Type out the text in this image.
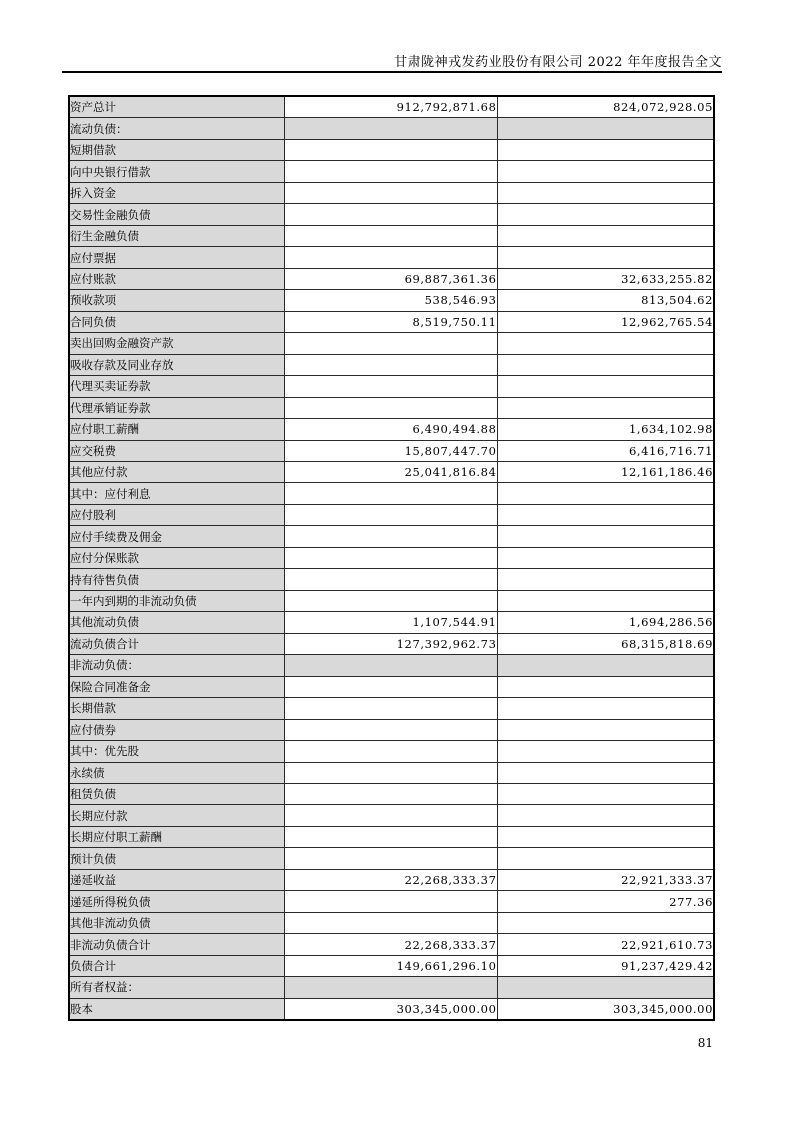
甘肃陇神戎发药业股份有限公司 2022 年年度报告全文
资产总计	912,792,871.68	824,072,928.05
流动负债：		
短期借款		
向中央银行借款		
拆入资金		
交易性金融负债		
衍生金融负债		
应付票据		
应付账款	69,887,361.36	32,633,255.82
预收款项	538,546.93	813,504.62
合同负债	8,519,750.11	12,962,765.54
卖出回购金融资产款		
吸收存款及同业存放		
代理买卖证券款		
代理承销证券款		
应付职工薪酬	6,490,494.88	1,634,102.98
应交税费	15,807,447.70	6,416,716.71
其他应付款	25,041,816.84	12,161,186.46
其中：应付利息		
应付股利		
应付手续费及佣金		
应付分保账款		
持有待售负债		
一年内到期的非流动负债		
其他流动负债	1,107,544.91	1,694,286.56
流动负债合计	127,392,962.73	68,315,818.69
非流动负债：		
保险合同准备金		
长期借款		
应付债券		
其中：优先股		
永续债		
租赁负债		
长期应付款		
长期应付职工薪酬		
预计负债		
递延收益	22,268,333.37	22,921,333.37
递延所得税负债		277.36
其他非流动负债		
非流动负债合计	22,268,333.37	22,921,610.73
负债合计	149,661,296.10	91,237,429.42
所有者权益：		
股本	303,345,000.00	303,345,000.00
81
